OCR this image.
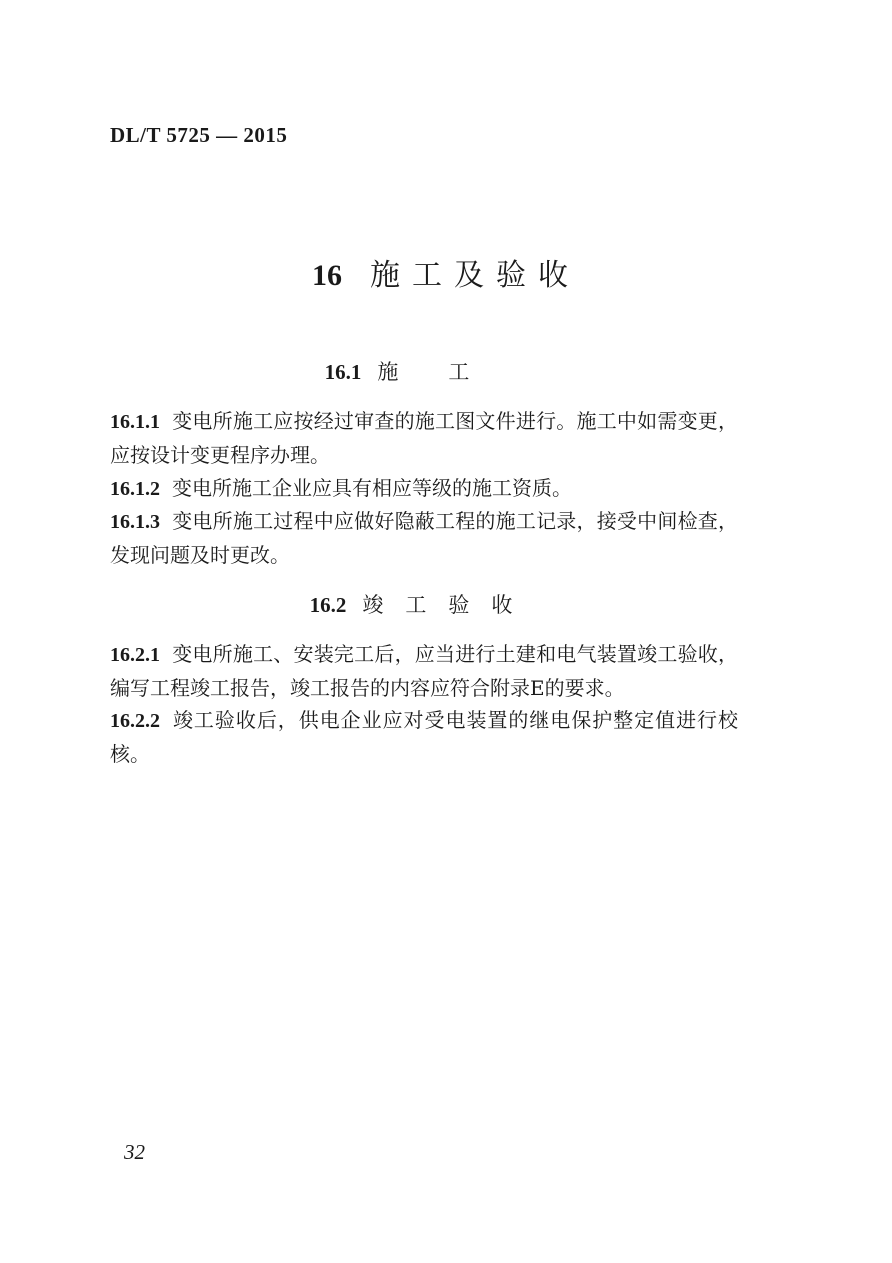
DL/T 5725 — 2015
16 施工及验收
16.1 施工
16.1.1 变电所施工应按经过审查的施工图文件进行。施工中如需变更，应按设计变更程序办理。
16.1.2 变电所施工企业应具有相应等级的施工资质。
16.1.3 变电所施工过程中应做好隐蔽工程的施工记录，接受中间检查，发现问题及时更改。
16.2 竣工验收
16.2.1 变电所施工、安装完工后，应当进行土建和电气装置竣工验收，编写工程竣工报告，竣工报告的内容应符合附录E的要求。
16.2.2 竣工验收后，供电企业应对受电装置的继电保护整定值进行校核。
32
